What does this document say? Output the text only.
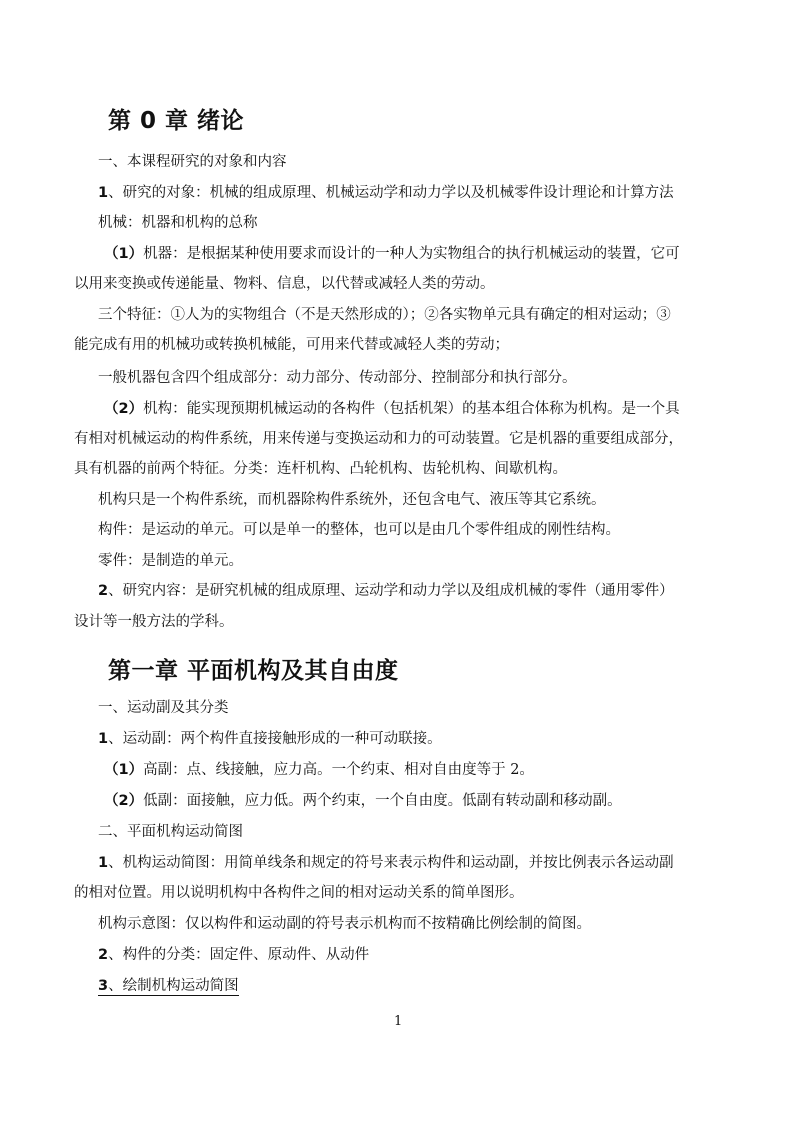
第 0 章 绪论
一、本课程研究的对象和内容
1、研究的对象：机械的组成原理、机械运动学和动力学以及机械零件设计理论和计算方法
机械：机器和机构的总称
（1）机器：是根据某种使用要求而设计的一种人为实物组合的执行机械运动的装置，它可
以用来变换或传递能量、物料、信息，以代替或减轻人类的劳动。
三个特征：①人为的实物组合（不是天然形成的）；②各实物单元具有确定的相对运动；③
能完成有用的机械功或转换机械能，可用来代替或减轻人类的劳动；
一般机器包含四个组成部分：动力部分、传动部分、控制部分和执行部分。
（2）机构：能实现预期机械运动的各构件（包括机架）的基本组合体称为机构。是一个具
有相对机械运动的构件系统，用来传递与变换运动和力的可动装置。它是机器的重要组成部分，
具有机器的前两个特征。分类：连杆机构、凸轮机构、齿轮机构、间歇机构。
机构只是一个构件系统，而机器除构件系统外，还包含电气、液压等其它系统。
构件：是运动的单元。可以是单一的整体，也可以是由几个零件组成的刚性结构。
零件：是制造的单元。
2、研究内容：是研究机械的组成原理、运动学和动力学以及组成机械的零件（通用零件）
设计等一般方法的学科。
第一章 平面机构及其自由度
一、运动副及其分类
1、运动副：两个构件直接接触形成的一种可动联接。
（1）高副：点、线接触，应力高。一个约束、相对自由度等于 2。
（2）低副：面接触，应力低。两个约束，一个自由度。低副有转动副和移动副。
二、平面机构运动简图
1、机构运动简图：用简单线条和规定的符号来表示构件和运动副，并按比例表示各运动副
的相对位置。用以说明机构中各构件之间的相对运动关系的简单图形。
机构示意图：仅以构件和运动副的符号表示机构而不按精确比例绘制的简图。
2、构件的分类：固定件、原动件、从动件
3、绘制机构运动简图
1
